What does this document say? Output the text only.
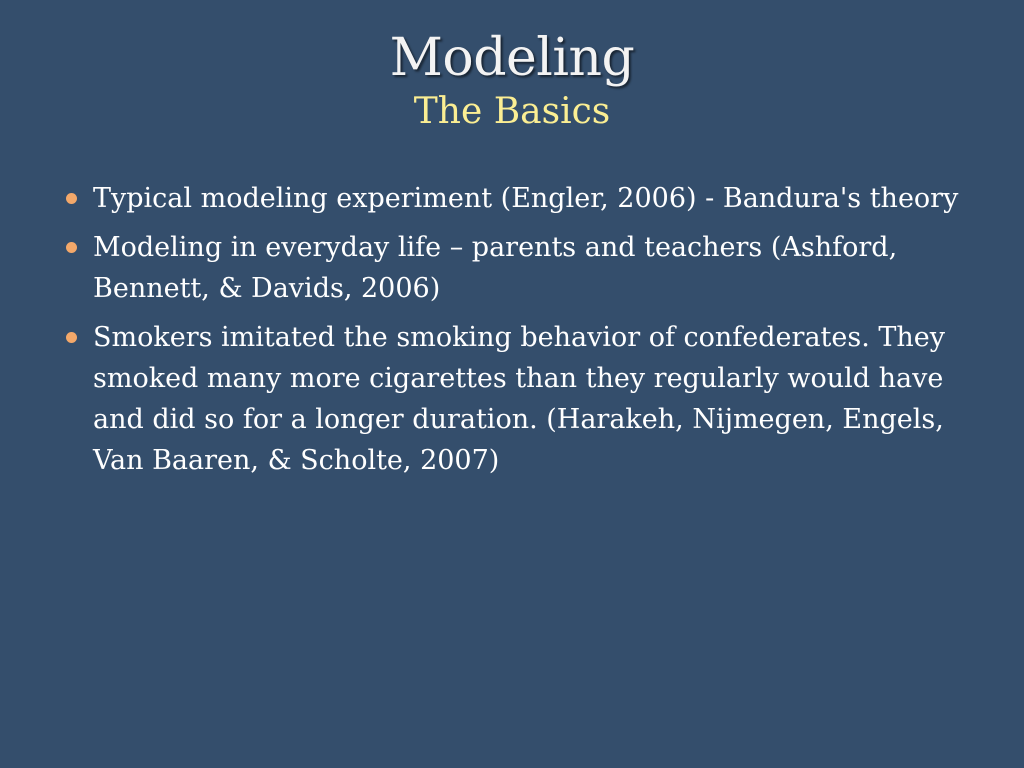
Modeling
The Basics
Typical modeling experiment (Engler, 2006) - Bandura's theory
Modeling in everyday life – parents and teachers (Ashford, Bennett, & Davids, 2006)
Smokers imitated the smoking behavior of confederates. They smoked many more cigarettes than they regularly would have and did so for a longer duration. (Harakeh, Nijmegen, Engels, Van Baaren, & Scholte, 2007)
